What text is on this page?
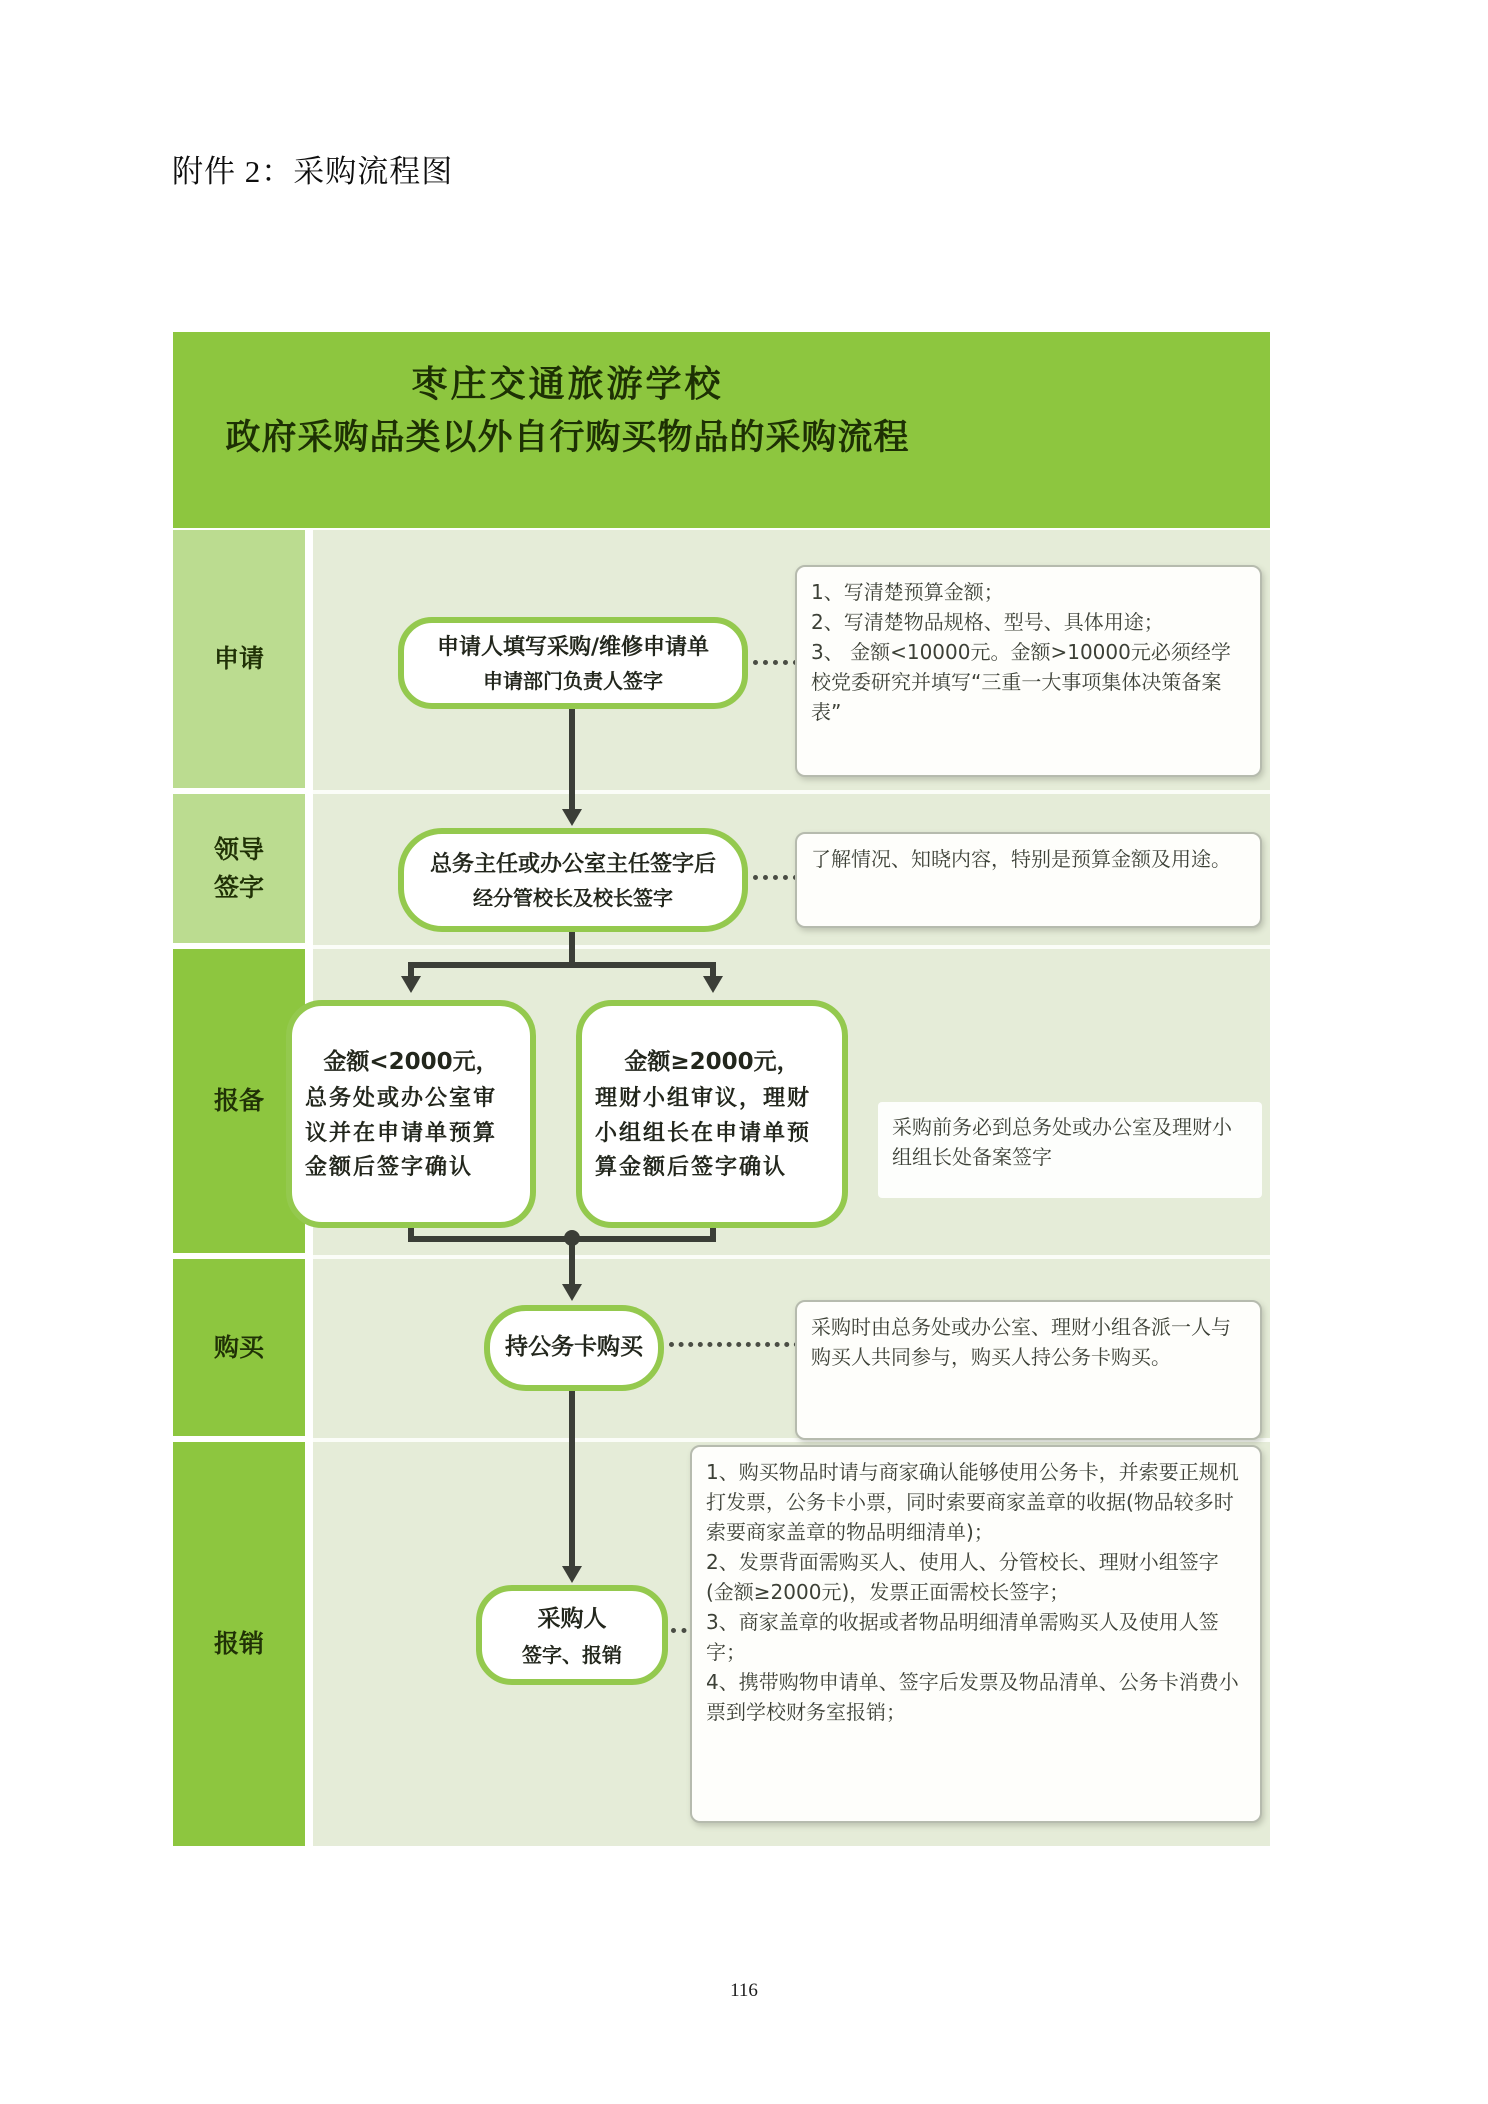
附件 2：采购流程图
枣庄交通旅游学校
政府采购品类以外自行购买物品的采购流程
申请
领导签字
报备
购买
报销
申请人填写采购/维修申请单
申请部门负责人签字
总务主任或办公室主任签字后
经分管校长及校长签字
金额<2000元，
总务处或办公室审议并在申请单预算金额后签字确认
金额≥2000元，
理财小组审议，理财小组组长在申请单预算金额后签字确认
持公务卡购买
采购人
签字、报销
1、写清楚预算金额；
2、写清楚物品规格、型号、具体用途；
3、 金额<10000元。金额>10000元必须经学校党委研究并填写“三重一大事项集体决策备案表”
了解情况、知晓内容，特别是预算金额及用途。
采购前务必到总务处或办公室及理财小组组长处备案签字
采购时由总务处或办公室、理财小组各派一人与购买人共同参与，购买人持公务卡购买。
1、购买物品时请与商家确认能够使用公务卡，并索要正规机打发票，公务卡小票，同时索要商家盖章的收据(物品较多时索要商家盖章的物品明细清单)；
2、发票背面需购买人、使用人、分管校长、理财小组签字(金额≥2000元)，发票正面需校长签字；
3、商家盖章的收据或者物品明细清单需购买人及使用人签字；
4、携带购物申请单、签字后发票及物品清单、公务卡消费小票到学校财务室报销；
116
